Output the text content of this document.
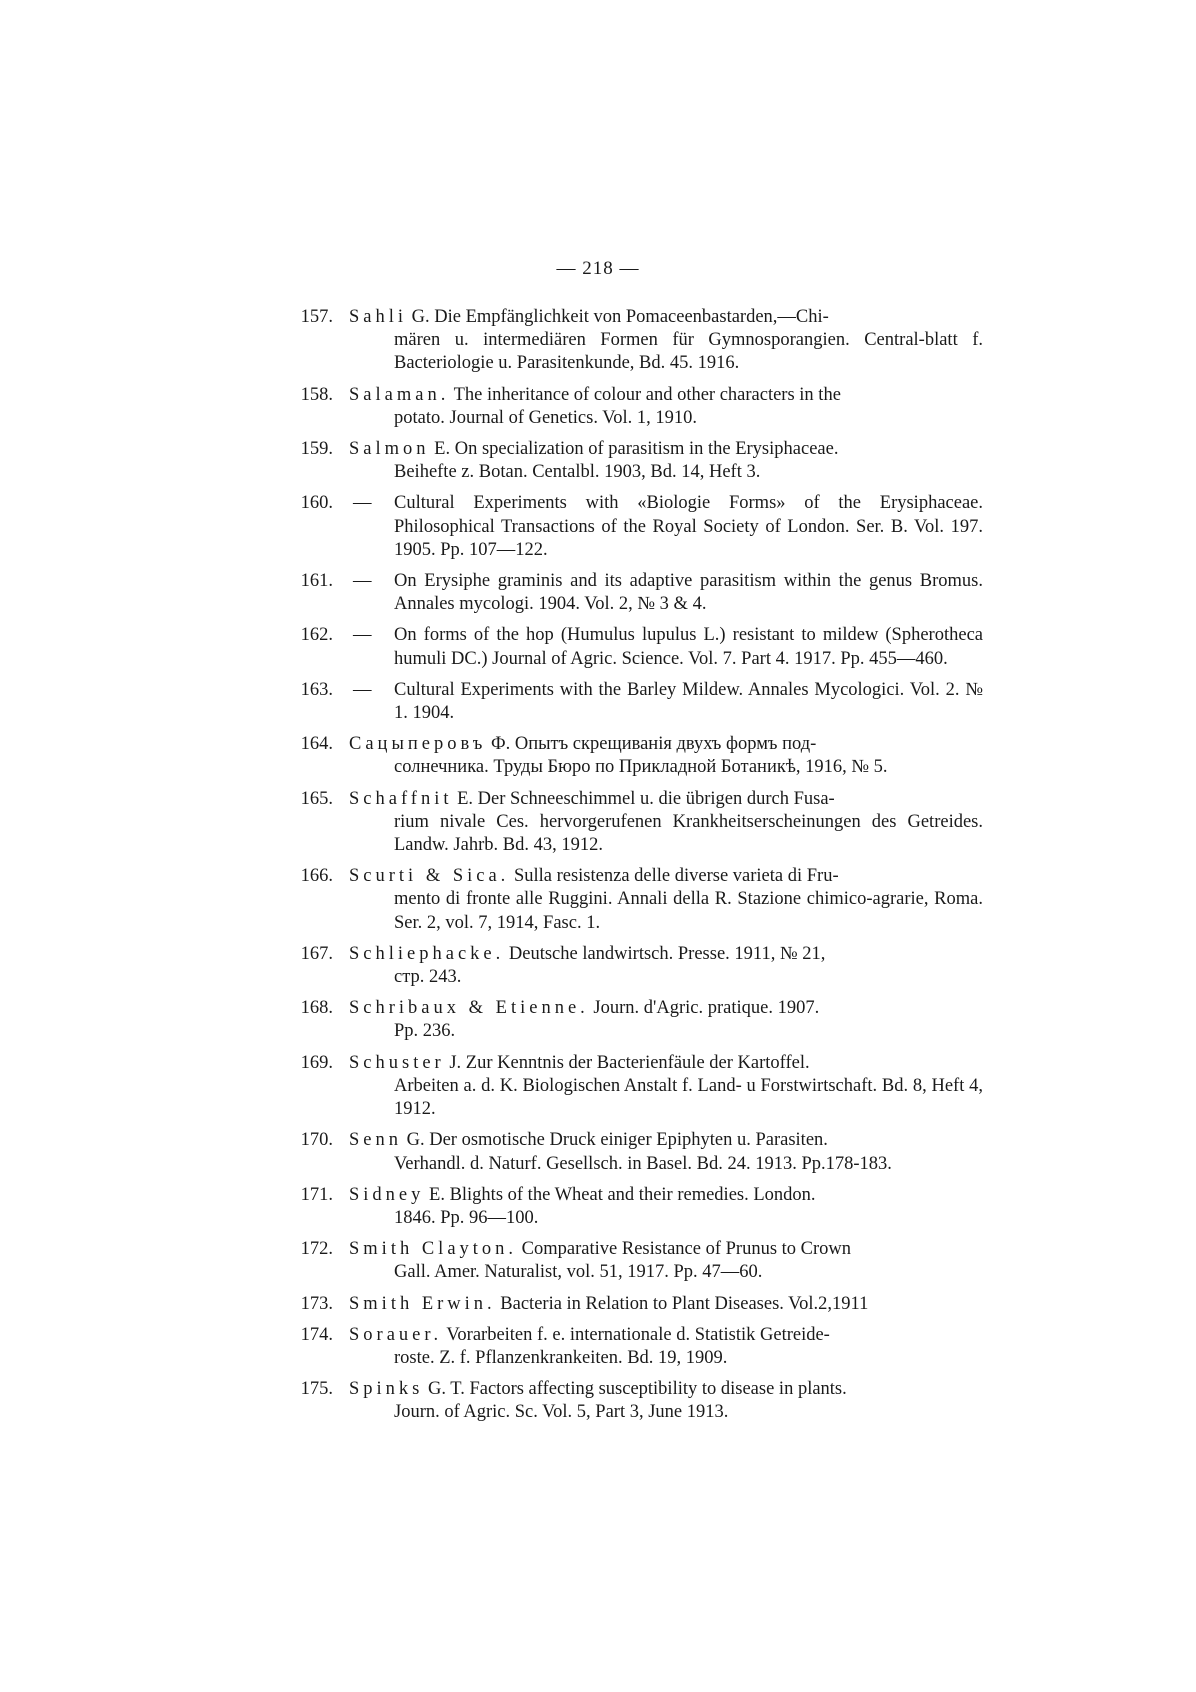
— 218 —
157. Sahli G. Die Empfänglichkeit von Pomaceenbastarden,—Chi-
mären u. intermediären Formen für Gymnosporangien. Central-blatt f. Bacteriologie u. Parasitenkunde, Bd. 45. 1916.
158. Salaman. The inheritance of colour and other characters in the
potato. Journal of Genetics. Vol. 1, 1910.
159. Salmon E. On specialization of parasitism in the Erysiphaceae.
Beihefte z. Botan. Centalbl. 1903, Bd. 14, Heft 3.
160. — Cultural Experiments with «Biologie Forms» of the Erysiphaceae. Philosophical Transactions of the Royal Society of London. Ser. B. Vol. 197. 1905. Pp. 107—122.
161. — On Erysiphe graminis and its adaptive parasitism within the genus Bromus. Annales mycologi. 1904. Vol. 2, № 3 & 4.
162. — On forms of the hop (Humulus lupulus L.) resistant to mildew (Spherotheca humuli DC.) Journal of Agric. Science. Vol. 7. Part 4. 1917. Pp. 455—460.
163. — Cultural Experiments with the Barley Mildew. Annales Mycologici. Vol. 2. № 1. 1904.
164. Сацыперовъ Ф. Опытъ скрещиванія двухъ формъ под-
солнечника. Труды Бюро по Прикладной Ботаникѣ, 1916, № 5.
165. Schaffnit E. Der Schneeschimmel u. die übrigen durch Fusa-
rium nivale Ces. hervorgerufenen Krankheitserscheinungen des Getreides. Landw. Jahrb. Bd. 43, 1912.
166. Scurti & Sica. Sulla resistenza delle diverse varieta di Fru-
mento di fronte alle Ruggini. Annali della R. Stazione chimico-agrarie, Roma. Ser. 2, vol. 7, 1914, Fasc. 1.
167. Schliephacke. Deutsche landwirtsch. Presse. 1911, № 21,
стр. 243.
168. Schribaux & Etienne. Journ. d'Agric. pratique. 1907.
Pp. 236.
169. Schuster J. Zur Kenntnis der Bacterienfäule der Kartoffel.
Arbeiten a. d. K. Biologischen Anstalt f. Land- u Forstwirtschaft. Bd. 8, Heft 4, 1912.
170. Senn G. Der osmotische Druck einiger Epiphyten u. Parasiten.
Verhandl. d. Naturf. Gesellsch. in Basel. Bd. 24. 1913. Pp.178-183.
171. Sidney E. Blights of the Wheat and their remedies. London.
1846. Pp. 96—100.
172. Smith Clayton. Comparative Resistance of Prunus to Crown
Gall. Amer. Naturalist, vol. 51, 1917. Pp. 47—60.
173. Smith Erwin. Bacteria in Relation to Plant Diseases. Vol.2,1911
174. Sorauer. Vorarbeiten f. e. internationale d. Statistik Getreide-
roste. Z. f. Pflanzenkrankeiten. Bd. 19, 1909.
175. Spinks G. T. Factors affecting susceptibility to disease in plants.
Journ. of Agric. Sc. Vol. 5, Part 3, June 1913.
